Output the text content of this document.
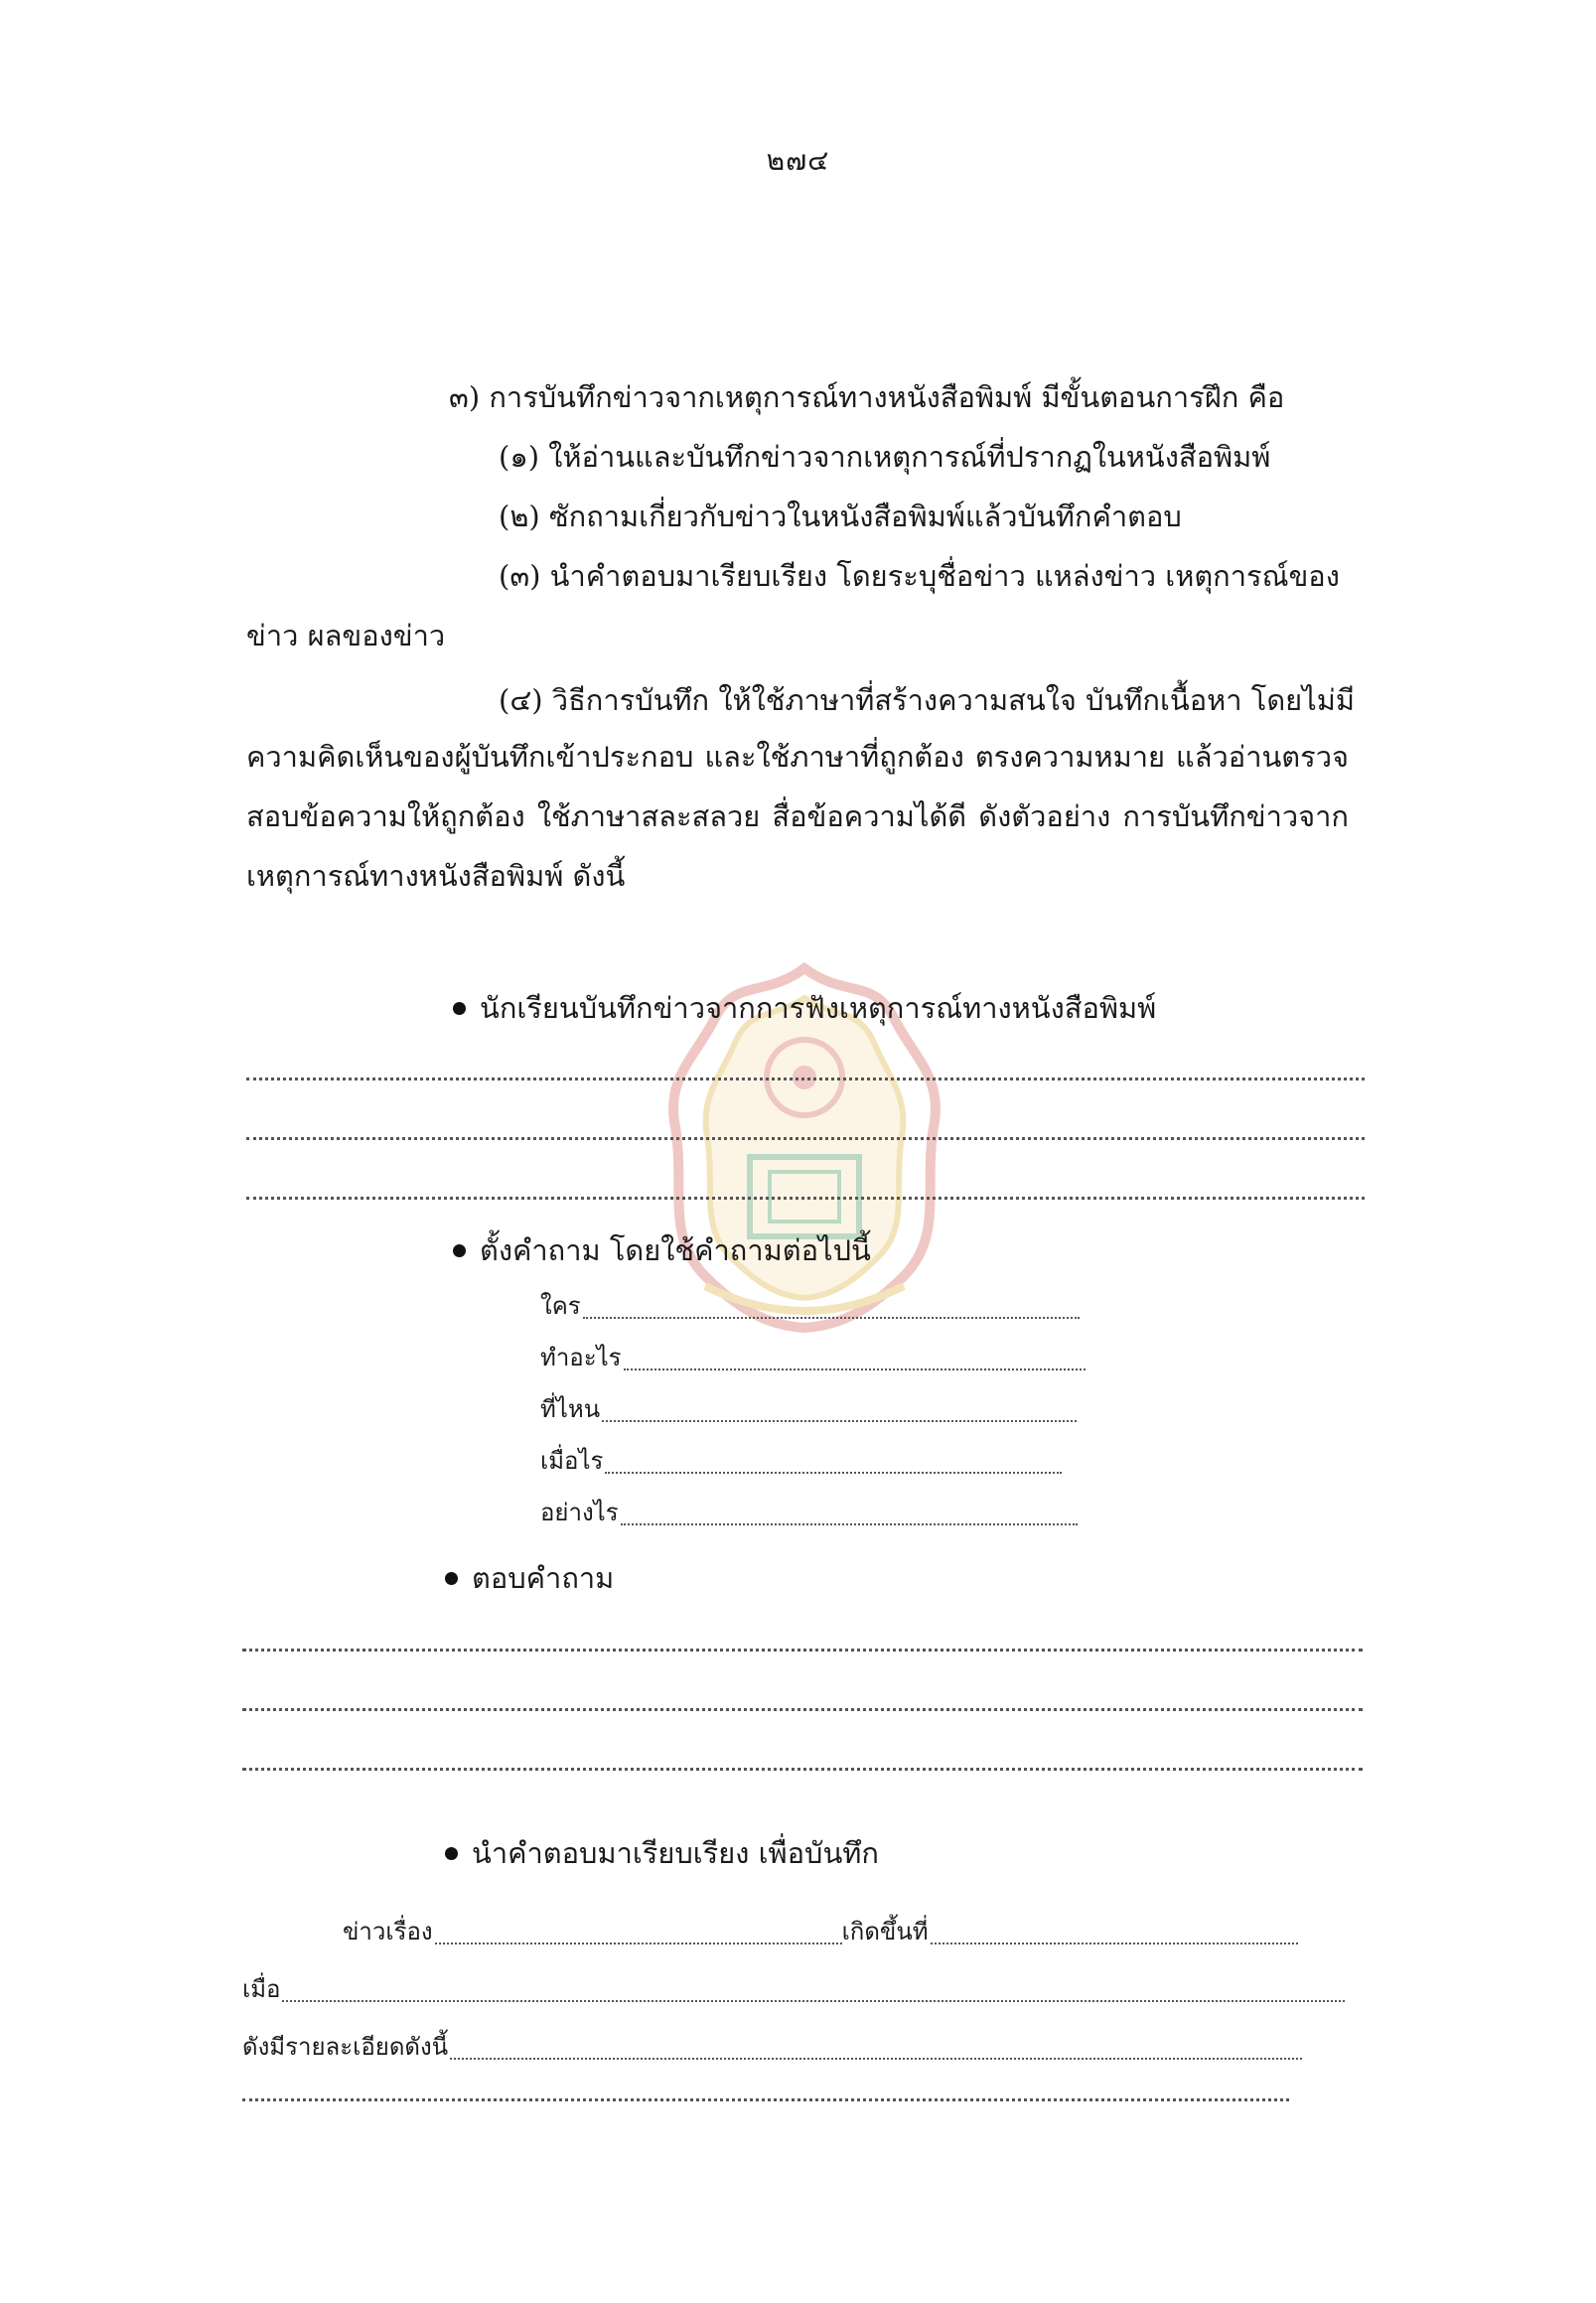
๒๗๔
๓) การบันทึกข่าวจากเหตุการณ์ทางหนังสือพิมพ์ มีขั้นตอนการฝึก คือ
(๑) ให้อ่านและบันทึกข่าวจากเหตุการณ์ที่ปรากฏในหนังสือพิมพ์
(๒) ซักถามเกี่ยวกับข่าวในหนังสือพิมพ์แล้วบันทึกคำตอบ
(๓) นำคำตอบมาเรียบเรียง โดยระบุชื่อข่าว แหล่งข่าว เหตุการณ์ของ
ข่าว ผลของข่าว
(๔) วิธีการบันทึก ให้ใช้ภาษาที่สร้างความสนใจ บันทึกเนื้อหา โดยไม่มี
ความคิดเห็นของผู้บันทึกเข้าประกอบ และใช้ภาษาที่ถูกต้อง ตรงความหมาย แล้วอ่านตรวจ
สอบข้อความให้ถูกต้อง ใช้ภาษาสละสลวย สื่อข้อความได้ดี ดังตัวอย่าง การบันทึกข่าวจาก
เหตุการณ์ทางหนังสือพิมพ์ ดังนี้
นักเรียนบันทึกข่าวจากการฟังเหตุการณ์ทางหนังสือพิมพ์
ตั้งคำถาม โดยใช้คำถามต่อไปนี้
ใคร
ทำอะไร
ที่ไหน
เมื่อไร
อย่างไร
ตอบคำถาม
นำคำตอบมาเรียบเรียง เพื่อบันทึก
ข่าวเรื่อง	เกิดขึ้นที่
เมื่อ
ดังมีรายละเอียดดังนี้
